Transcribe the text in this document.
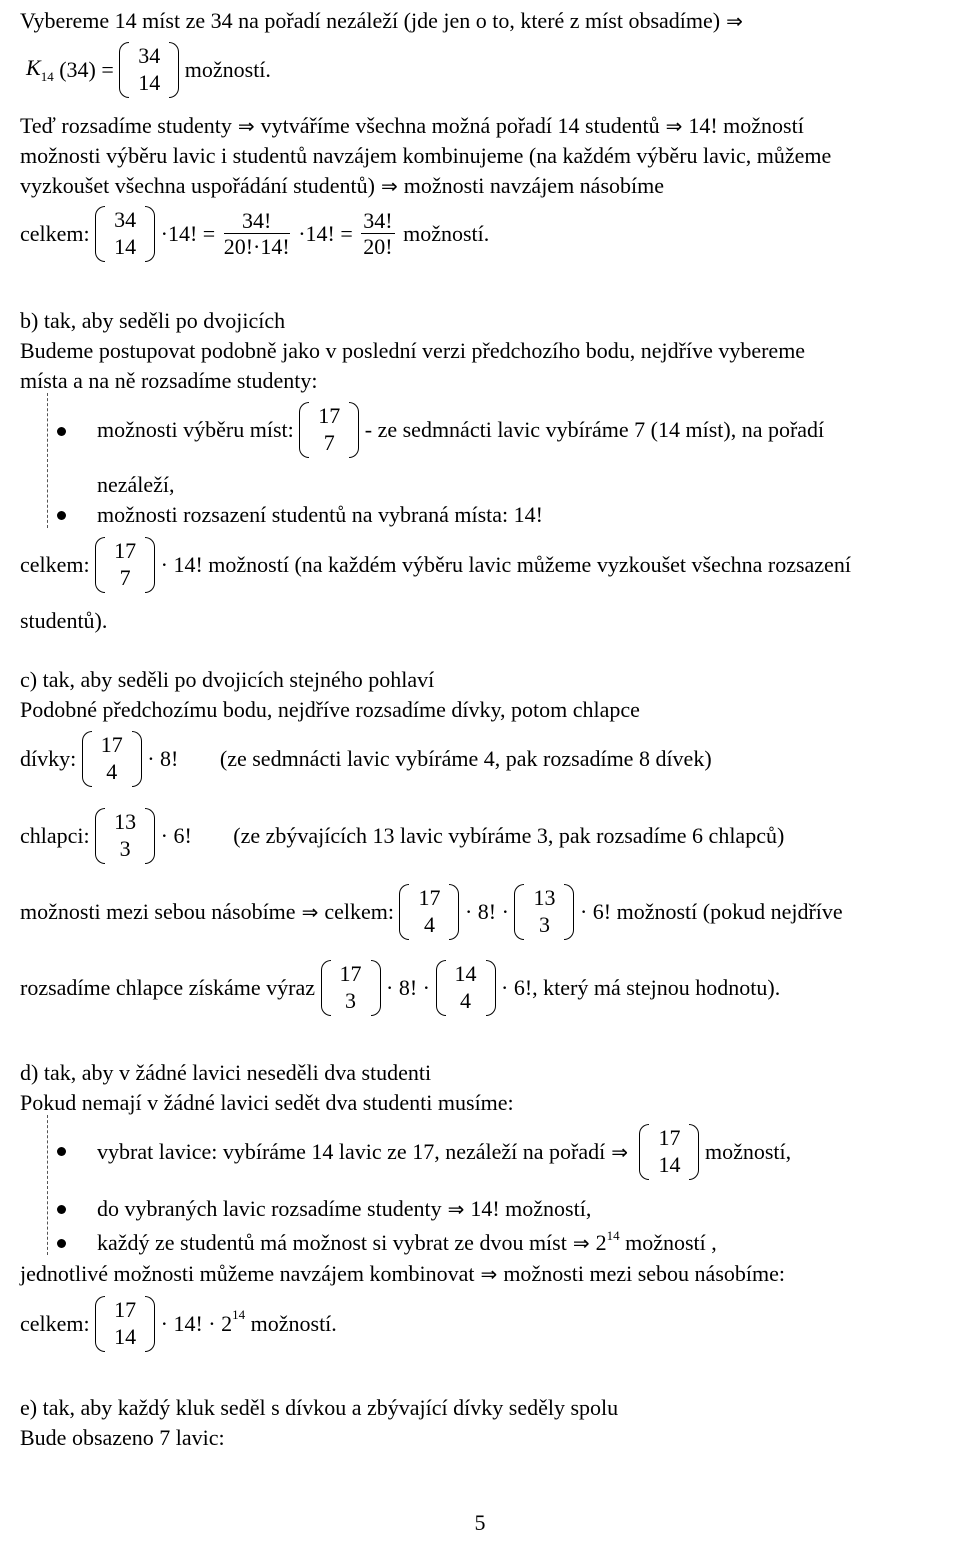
Vybereme 14 míst ze 34 na pořadí nezáleží (jde jen o to, které z míst obsadíme) ⇒
$K_{14}$ (34) =
34
14
možností.
Teď rozsadíme studenty ⇒ vytváříme všechna možná pořadí 14 studentů ⇒ 14! možností
možnosti výběru lavic i studentů navzájem kombinujeme (na každém výběru lavic, můžeme
vyzkoušet všechna uspořádání studentů) ⇒ možnosti navzájem násobíme
celkem:
34
14
·14! = $\frac{34!}{20!\cdot 14!} \cdot 14$! = $\frac{34!}{20!}$ možností.
b) tak, aby seděli po dvojicích
Budeme postupovat podobně jako v poslední verzi předchozího bodu, nejdříve vybereme
místa a na ně rozsadíme studenty:
možnosti výběru míst:
17
7
- ze sedmnácti lavic vybíráme 7 (14 míst), na pořadí
nezáleží,
možnosti rozsazení studentů na vybraná místa: 14!
celkem:
17
7
· 14! možností (na každém výběru lavic můžeme vyzkoušet všechna rozsazení
studentů).
c) tak, aby seděli po dvojicích stejného pohlaví
Podobné předchozímu bodu, nejdříve rozsadíme dívky, potom chlapce
dívky:
17
4
· 8! (ze sedmnácti lavic vybíráme 4, pak rozsadíme 8 dívek)
chlapci:
13
3
· 6! (ze zbývajících 13 lavic vybíráme 3, pak rozsadíme 6 chlapců)
možnosti mezi sebou násobíme ⇒ celkem:
17
4
· 8! ·
13
3
· 6! možností (pokud nejdříve
rozsadíme chlapce získáme výraz
17
3
· 8! ·
14
4
· 6!, který má stejnou hodnotu).
d) tak, aby v žádné lavici neseděli dva studenti
Pokud nemají v žádné lavici sedět dva studenti musíme:
vybrat lavice: vybíráme 14 lavic ze 17, nezáleží na pořadí ⇒
17
14
možností,
do vybraných lavic rozsadíme studenty ⇒ 14! možností,
každý ze studentů má možnost si vybrat ze dvou míst ⇒ $2^{14}$ možností ,
jednotlivé možnosti můžeme navzájem kombinovat ⇒ možnosti mezi sebou násobíme:
celkem:
17
14
· 14! · $2^{14}$ možností.
e) tak, aby každý kluk seděl s dívkou a zbývající dívky seděly spolu
Bude obsazeno 7 lavic:
5
